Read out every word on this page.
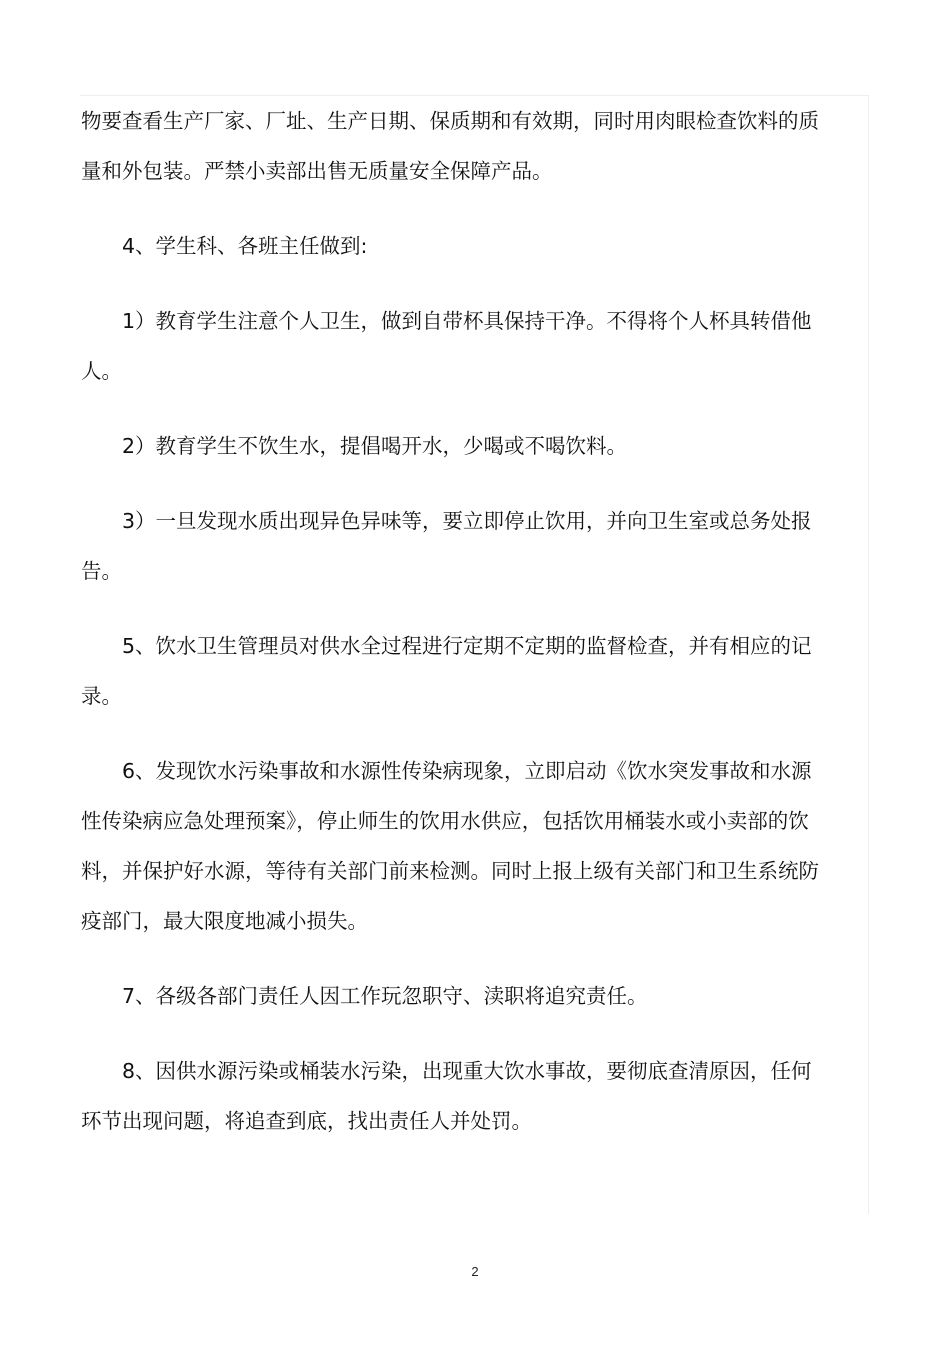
物要查看生产厂家、厂址、生产日期、保质期和有效期，同时用肉眼检查饮料的质量和外包装。严禁小卖部出售无质量安全保障产品。

4、学生科、各班主任做到:

1）教育学生注意个人卫生，做到自带杯具保持干净。不得将个人杯具转借他人。

2）教育学生不饮生水，提倡喝开水，少喝或不喝饮料。

3）一旦发现水质出现异色异味等，要立即停止饮用，并向卫生室或总务处报告。

5、饮水卫生管理员对供水全过程进行定期不定期的监督检查，并有相应的记录。

6、发现饮水污染事故和水源性传染病现象，立即启动《饮水突发事故和水源性传染病应急处理预案》，停止师生的饮用水供应，包括饮用桶装水或小卖部的饮料，并保护好水源，等待有关部门前来检测。同时上报上级有关部门和卫生系统防疫部门，最大限度地减小损失。

7、各级各部门责任人因工作玩忽职守、渎职将追究责任。

8、因供水源污染或桶装水污染，出现重大饮水事故，要彻底查清原因，任何环节出现问题，将追查到底，找出责任人并处罚。

2
